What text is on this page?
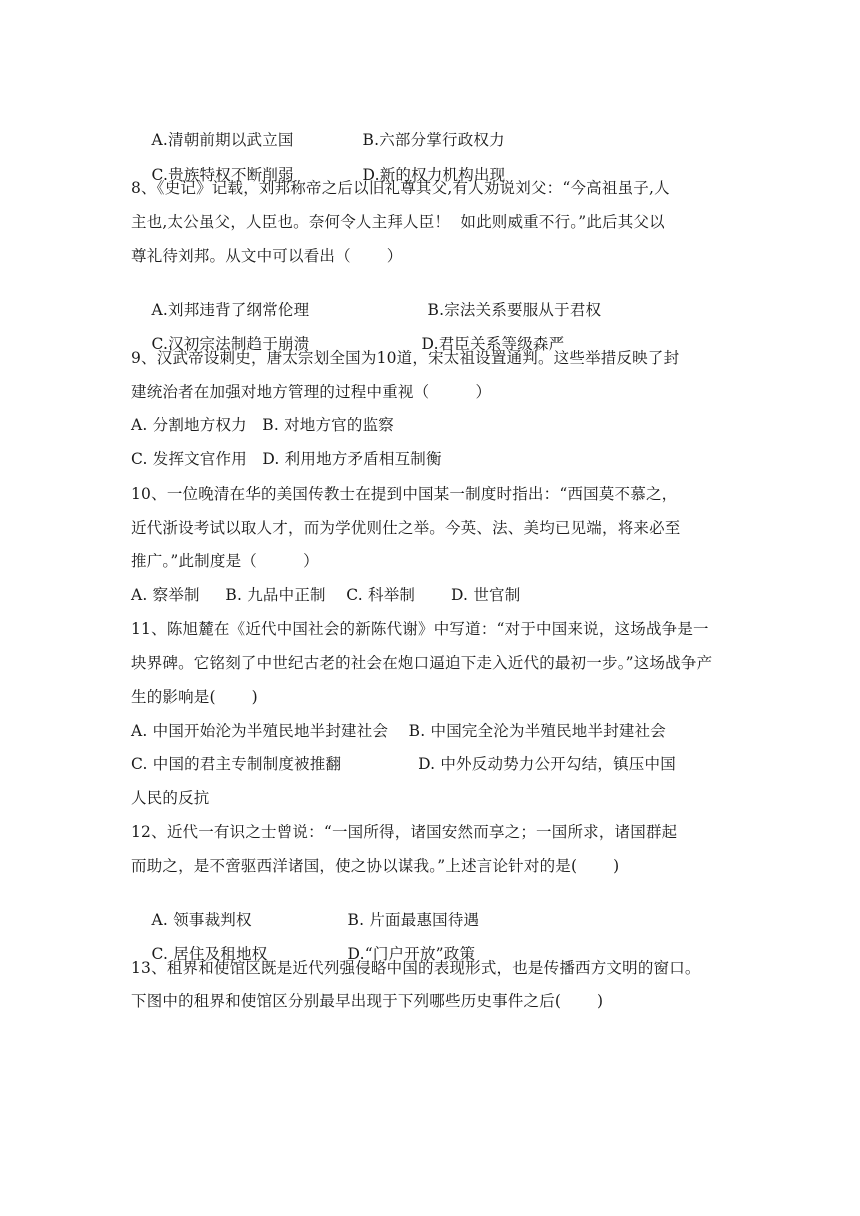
A.清朝前期以武立国	B.六部分掌行政权力

C.贵族特权不断削弱	D.新的权力机构出现

8、《史记》记载，刘邦称帝之后以旧礼尊其父,有人劝说刘父：“今高祖虽子,人
主也,太公虽父，人臣也。奈何令人主拜人臣！  如此则威重不行。”此后其父以
尊礼待刘邦。从文中可以看出（       ）

A.刘邦违背了纲常伦理	B.宗法关系要服从于君权

C.汉初宗法制趋于崩溃	D.君臣关系等级森严

9、汉武帝设刺史，唐太宗划全国为10道，宋太祖设置通判。这些举措反映了封
建统治者在加强对地方管理的过程中重视（         ）
A. 分割地方权力   B. 对地方官的监察
C. 发挥文官作用   D. 利用地方矛盾相互制衡
10、一位晚清在华的美国传教士在提到中国某一制度时指出：“西国莫不慕之，
近代浙设考试以取人才，而为学优则仕之举。今英、法、美均已见端，将来必至
推广。”此制度是（         ）
A. 察举制     B. 九品中正制    C. 科举制       D. 世官制
11、陈旭麓在《近代中国社会的新陈代谢》中写道：“对于中国来说，这场战争是一
块界碑。它铭刻了中世纪古老的社会在炮口逼迫下走入近代的最初一步。”这场战争产
生的影响是(       )
A. 中国开始沦为半殖民地半封建社会    B. 中国完全沦为半殖民地半封建社会
C. 中国的君主专制制度被推翻               D. 中外反动势力公开勾结，镇压中国
人民的反抗
12、近代一有识之士曾说：“一国所得，诸国安然而享之；一国所求，诸国群起
而助之，是不啻驱西洋诸国，使之协以谋我。”上述言论针对的是(       )

A. 领事裁判权	B. 片面最惠国待遇

C. 居住及租地权	D.“门户开放”政策

13、租界和使馆区既是近代列强侵略中国的表现形式，也是传播西方文明的窗口。
下图中的租界和使馆区分别最早出现于下列哪些历史事件之后(       )
